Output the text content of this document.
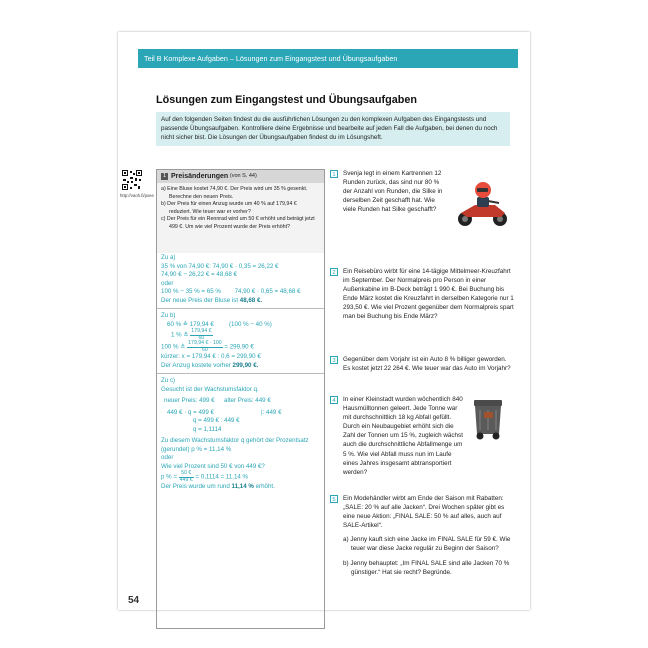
Teil B Komplexe Aufgaben – Lösungen zum Eingangstest und Übungsaufgaben
Lösungen zum Eingangstest und Übungsaufgaben
Auf den folgenden Seiten findest du die ausführlichen Lösungen zu den komplexen Aufgaben des Eingangstests und passende Übungsaufgaben. Kontrolliere deine Ergebnisse und bearbeite auf jeden Fall die Aufgaben, bei denen du noch nicht sicher bist. Die Lösungen der Übungsaufgaben findest du im Lösungsheft.
http://vaoh.fi/pxee
1 Preisänderungen (von S. 44)
a) Eine Bluse kostet 74,90 €. Der Preis wird um 35 % gesenkt. Berechne den neuen Preis.
b) Der Preis für einen Anzug wurde um 40 % auf 179,94 € reduziert. Wie teuer war er vorher?
c) Der Preis für ein Rennrad wird um 50 € erhöht und beträgt jetzt 499 €. Um wie viel Prozent wurde der Preis erhöht?
Zu a)
35 % von 74,90 €: 74,90 € · 0,35 = 26,22 €
74,90 € − 26,22 € = 48,68 €
oder
100 % − 35 % = 65 %        74,90 € · 0,65 = 48,68 €
Der neue Preis der Bluse ist 48,68 €.
Zu b)
60 % ≙ 179,94 € (100 % − 40 %)
1 % ≙ $\frac{179,94 €}{60}$
100 % ≙ $\frac{179,94 € \cdot 100}{60} = 299,90$ €
kürzer: x = 179,94 € : 0,6 = 299,90 €
Der Anzug kostete vorher 299,90 €.
Zu c)
Gesucht ist der Wachstumsfaktor q.
neuer Preis: 499 € alter Preis: 449 €
449 € · q = 499 €	|: 449 €
q = 499 € : 449 €
q = 1,1114
Zu diesem Wachstumsfaktor q gehört der Prozentsatz (gerundet) p % = 11,14 %
oder
Wie viel Prozent sind 50 € von 449 €?
p % = $\frac{50 €}{449 €} = 0,1114 = 11,14$ %
Der Preis wurde um rund 11,14 % erhöht.
1	Svenja legt in einem Kartrennen 12 Runden zurück, das sind nur 80 % der Anzahl von Runden, die Silke in derselben Zeit geschafft hat. Wie viele Runden hat Silke geschafft?
2	Ein Reisebüro wirbt für eine 14-tägige Mittelmeer-Kreuzfahrt im September. Der Normalpreis pro Person in einer Außenkabine im B-Deck beträgt 1 990 €. Bei Buchung bis Ende März kostet die Kreuzfahrt in derselben Kategorie nur 1 293,50 €. Wie viel Prozent gegenüber dem Normalpreis spart man bei Buchung bis Ende März?
3	Gegenüber dem Vorjahr ist ein Auto 8 % billiger geworden. Es kostet jetzt 22 264 €. Wie teuer war das Auto im Vorjahr?
4	In einer Kleinstadt wurden wöchentlich 840 Hausmülltonnen geleert. Jede Tonne war mit durchschnittlich 18 kg Abfall gefüllt. Durch ein Neubaugebiet erhöht sich die Zahl der Tonnen um 15 %, zugleich wächst auch die durchschnittliche Abfallmenge um 5 %. Wie viel Abfall muss nun im Laufe eines Jahres insgesamt abtransportiert werden?
5	Ein Modehändler wirbt am Ende der Saison mit Rabatten: „SALE: 20 % auf alle Jacken“. Drei Wochen später gibt es eine neue Aktion: „FINAL SALE: 50 % auf alles, auch auf SALE-Artikel“.
a) Jenny kauft sich eine Jacke im FINAL SALE für 59 €. Wie teuer war diese Jacke regulär zu Beginn der Saison?
b) Jenny behauptet: „Im FINAL SALE sind alle Jacken 70 % günstiger.“ Hat sie recht? Begründe.
54
